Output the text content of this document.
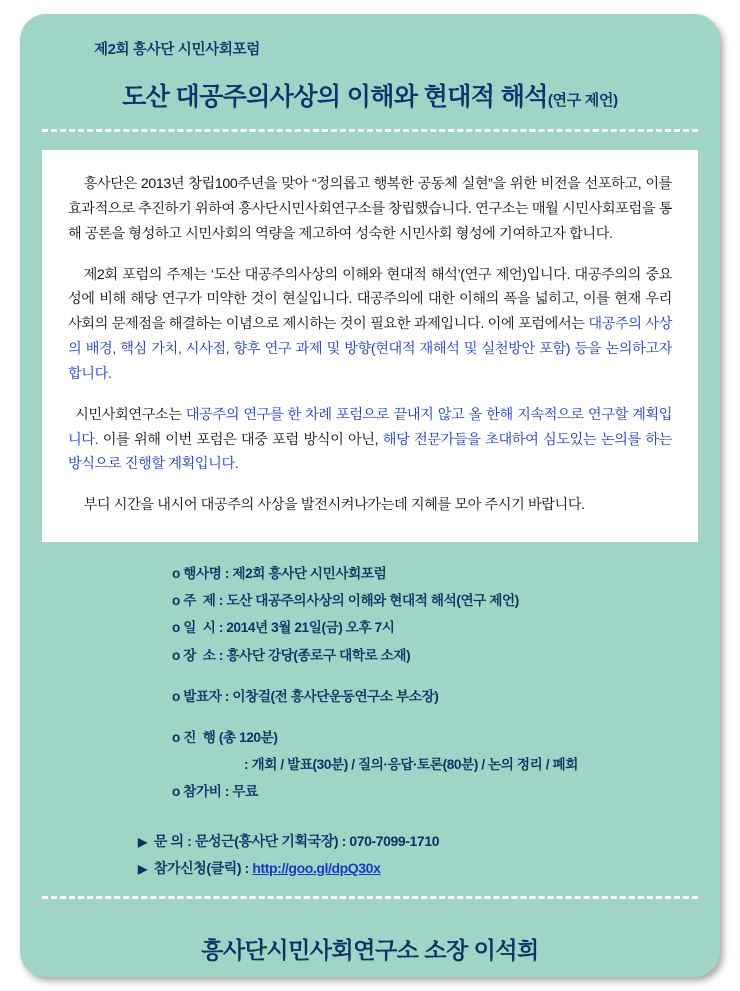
제2회 흥사단 시민사회포럼
도산 대공주의사상의 이해와 현대적 해석(연구 제언)

흥사단은 2013년 창립100주년을 맞아 “정의롭고 행복한 공동체 실현”을 위한 비전을 선포하고, 이를 효과적으로 추진하기 위하여 흥사단시민사회연구소를 창립했습니다. 연구소는 매월 시민사회포럼을 통해 공론을 형성하고 시민사회의 역량을 제고하여 성숙한 시민사회 형성에 기여하고자 합니다.

제2회 포럼의 주제는 ‘도산 대공주의사상의 이해와 현대적 해석’(연구 제언)입니다. 대공주의의 중요성에 비해 해당 연구가 미약한 것이 현실입니다. 대공주의에 대한 이해의 폭을 넓히고, 이를 현재 우리 사회의 문제점을 해결하는 이념으로 제시하는 것이 필요한 과제입니다. 이에 포럼에서는 대공주의 사상의 배경, 핵심 가치, 시사점, 향후 연구 과제 및 방향(현대적 재해석 및 실천방안 포함) 등을 논의하고자 합니다.

시민사회연구소는 대공주의 연구를 한 차례 포럼으로 끝내지 않고 올 한해 지속적으로 연구할 계획입니다. 이를 위해 이번 포럼은 대중 포럼 방식이 아닌, 해당 전문가들을 초대하여 심도있는 논의를 하는 방식으로 진행할 계획입니다.

부디 시간을 내시어 대공주의 사상을 발전시켜나가는데 지혜를 모아 주시기 바랍니다.

o 행사명 : 제2회 흥사단 시민사회포럼
o 주  제 : 도산 대공주의사상의 이해와 현대적 해석(연구 제언)
o 일  시 : 2014년 3월 21일(금) 오후 7시
o 장  소 : 흥사단 강당(종로구 대학로 소재)
o 발표자 : 이창걸(전 흥사단운동연구소 부소장)
o 진  행 (총 120분)
: 개회 / 발표(30분) / 질의·응답·토론(80분) / 논의 정리 / 폐회
o 참가비 : 무료
▶ 문 의 : 문성근(흥사단 기획국장) : 070-7099-1710
▶ 참가신청(클릭) : http://goo.gl/dpQ30x
흥사단시민사회연구소 소장 이석희
